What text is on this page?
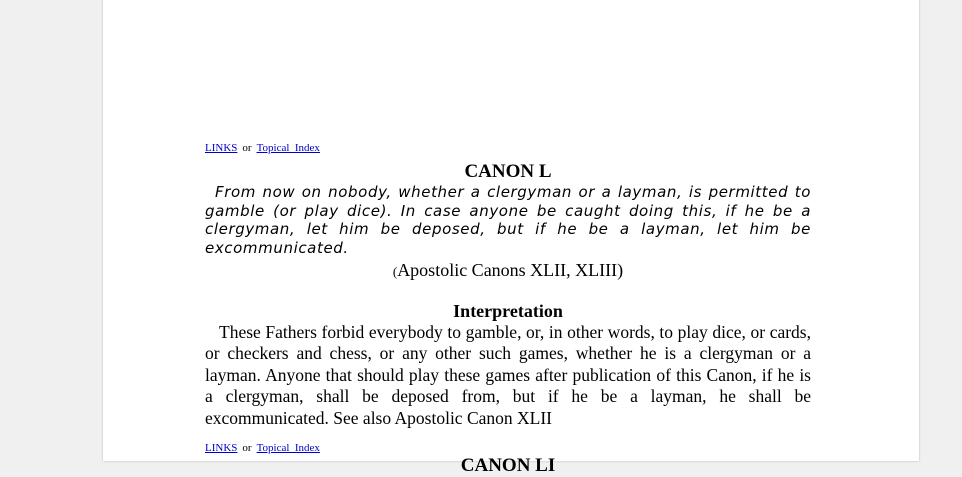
LINKS or Topical_Index
CANON L
From now on nobody, whether a clergyman or a layman, is permitted to gamble (or play dice). In case anyone be caught doing this, if he be a clergyman, let him be deposed, but if he be a layman, let him be excommunicated.
(Apostolic Canons XLII, XLIII)
Interpretation
These Fathers forbid everybody to gamble, or, in other words, to play dice, or cards, or checkers and chess, or any other such games, whether he is a clergyman or a layman. Anyone that should play these games after publication of this Canon, if he is a clergyman, shall be deposed from, but if he be a layman, he shall be excommunicated. See also Apostolic Canon XLII
LINKS or Topical_Index
CANON LI
